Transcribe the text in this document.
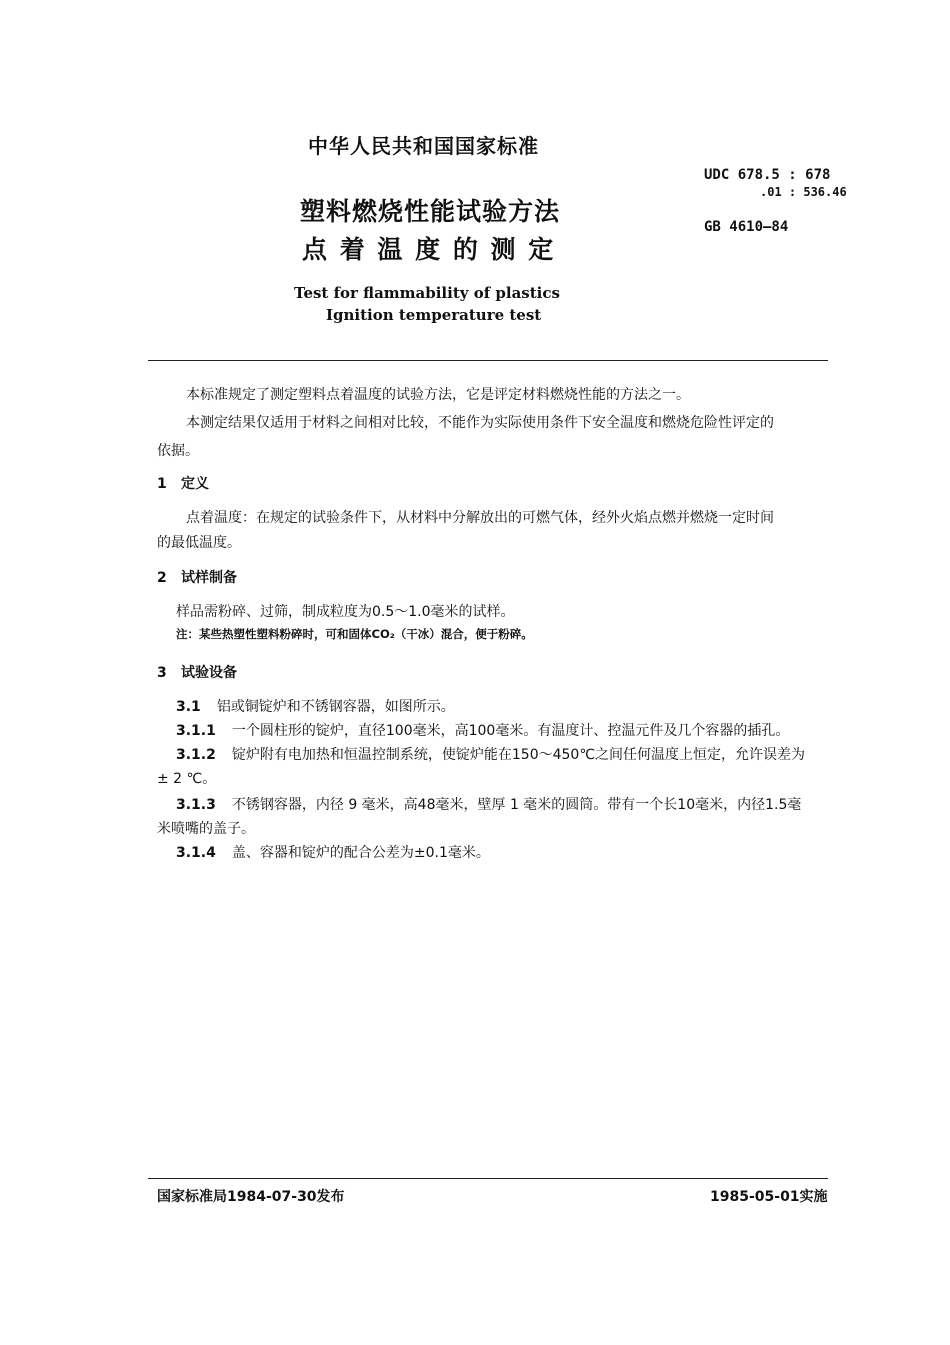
中华人民共和国国家标准
UDC 678.5 : 678
.01 : 536.46
GB 4610—84
塑料燃烧性能试验方法
点 着 温 度 的 测 定
Test for flammability of plastics
Ignition temperature test
本标准规定了测定塑料点着温度的试验方法，它是评定材料燃烧性能的方法之一。
本测定结果仅适用于材料之间相对比较，不能作为实际使用条件下安全温度和燃烧危险性评定的
依据。
1 定义
点着温度：在规定的试验条件下，从材料中分解放出的可燃气体，经外火焰点燃并燃烧一定时间
的最低温度。
2 试样制备
样品需粉碎、过筛，制成粒度为0.5～1.0毫米的试样。
注：某些热塑性塑料粉碎时，可和固体CO₂（干冰）混合，便于粉碎。
3 试验设备
3.1 铝或铜锭炉和不锈钢容器，如图所示。
3.1.1 一个圆柱形的锭炉，直径100毫米，高100毫米。有温度计、控温元件及几个容器的插孔。
3.1.2 锭炉附有电加热和恒温控制系统，使锭炉能在150～450℃之间任何温度上恒定，允许误差为
± 2 ℃。
3.1.3 不锈钢容器，内径 9 毫米，高48毫米，壁厚 1 毫米的圆筒。带有一个长10毫米，内径1.5毫
米喷嘴的盖子。
3.1.4 盖、容器和锭炉的配合公差为±0.1毫米。
国家标准局1984-07-30发布	1985-05-01实施
